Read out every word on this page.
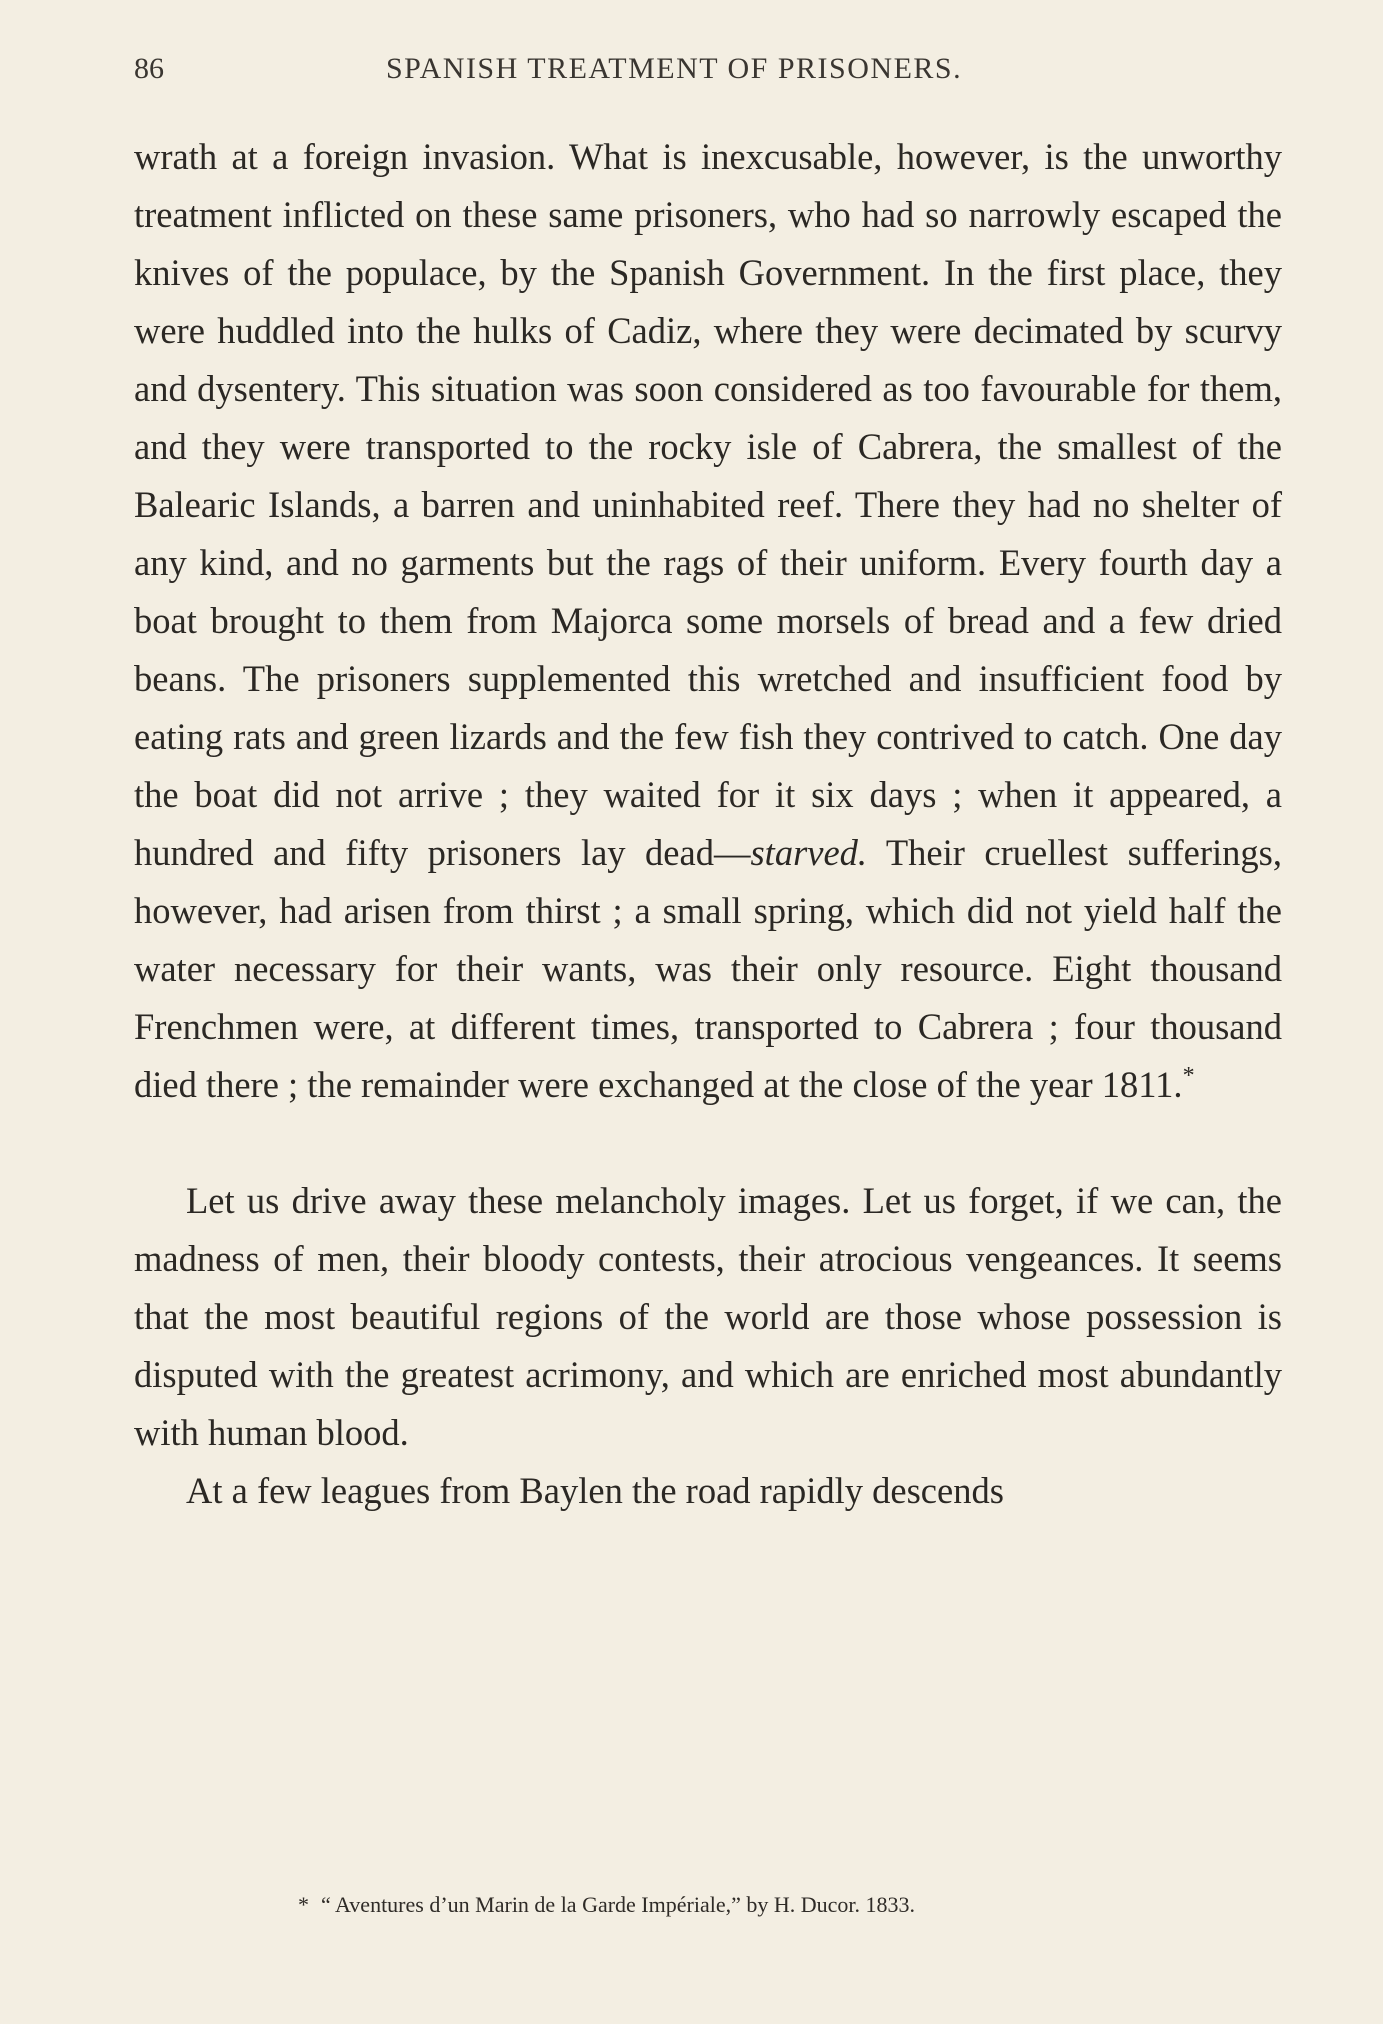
86	SPANISH TREATMENT OF PRISONERS.

wrath at a foreign invasion. What is inexcusable, however, is the unworthy treatment inflicted on these same prisoners, who had so narrowly escaped the knives of the populace, by the Spanish Government. In the first place, they were huddled into the hulks of Cadiz, where they were decimated by scurvy and dysentery. This situation was soon considered as too favourable for them, and they were transported to the rocky isle of Cabrera, the smallest of the Balearic Islands, a barren and uninhabited reef. There they had no shelter of any kind, and no garments but the rags of their uniform. Every fourth day a boat brought to them from Majorca some morsels of bread and a few dried beans. The prisoners supplemented this wretched and insufficient food by eating rats and green lizards and the few fish they contrived to catch. One day the boat did not arrive ; they waited for it six days ; when it appeared, a hundred and fifty prisoners lay dead—starved. Their cruellest sufferings, however, had arisen from thirst ; a small spring, which did not yield half the water necessary for their wants, was their only resource. Eight thousand Frenchmen were, at different times, transported to Cabrera ; four thousand died there ; the remainder were exchanged at the close of the year 1811.*

Let us drive away these melancholy images. Let us forget, if we can, the madness of men, their bloody contests, their atrocious vengeances. It seems that the most beautiful regions of the world are those whose possession is disputed with the greatest acrimony, and which are enriched most abundantly with human blood.

At a few leagues from Baylen the road rapidly descends

* “ Aventures d’un Marin de la Garde Impériale,” by H. Ducor. 1833.
